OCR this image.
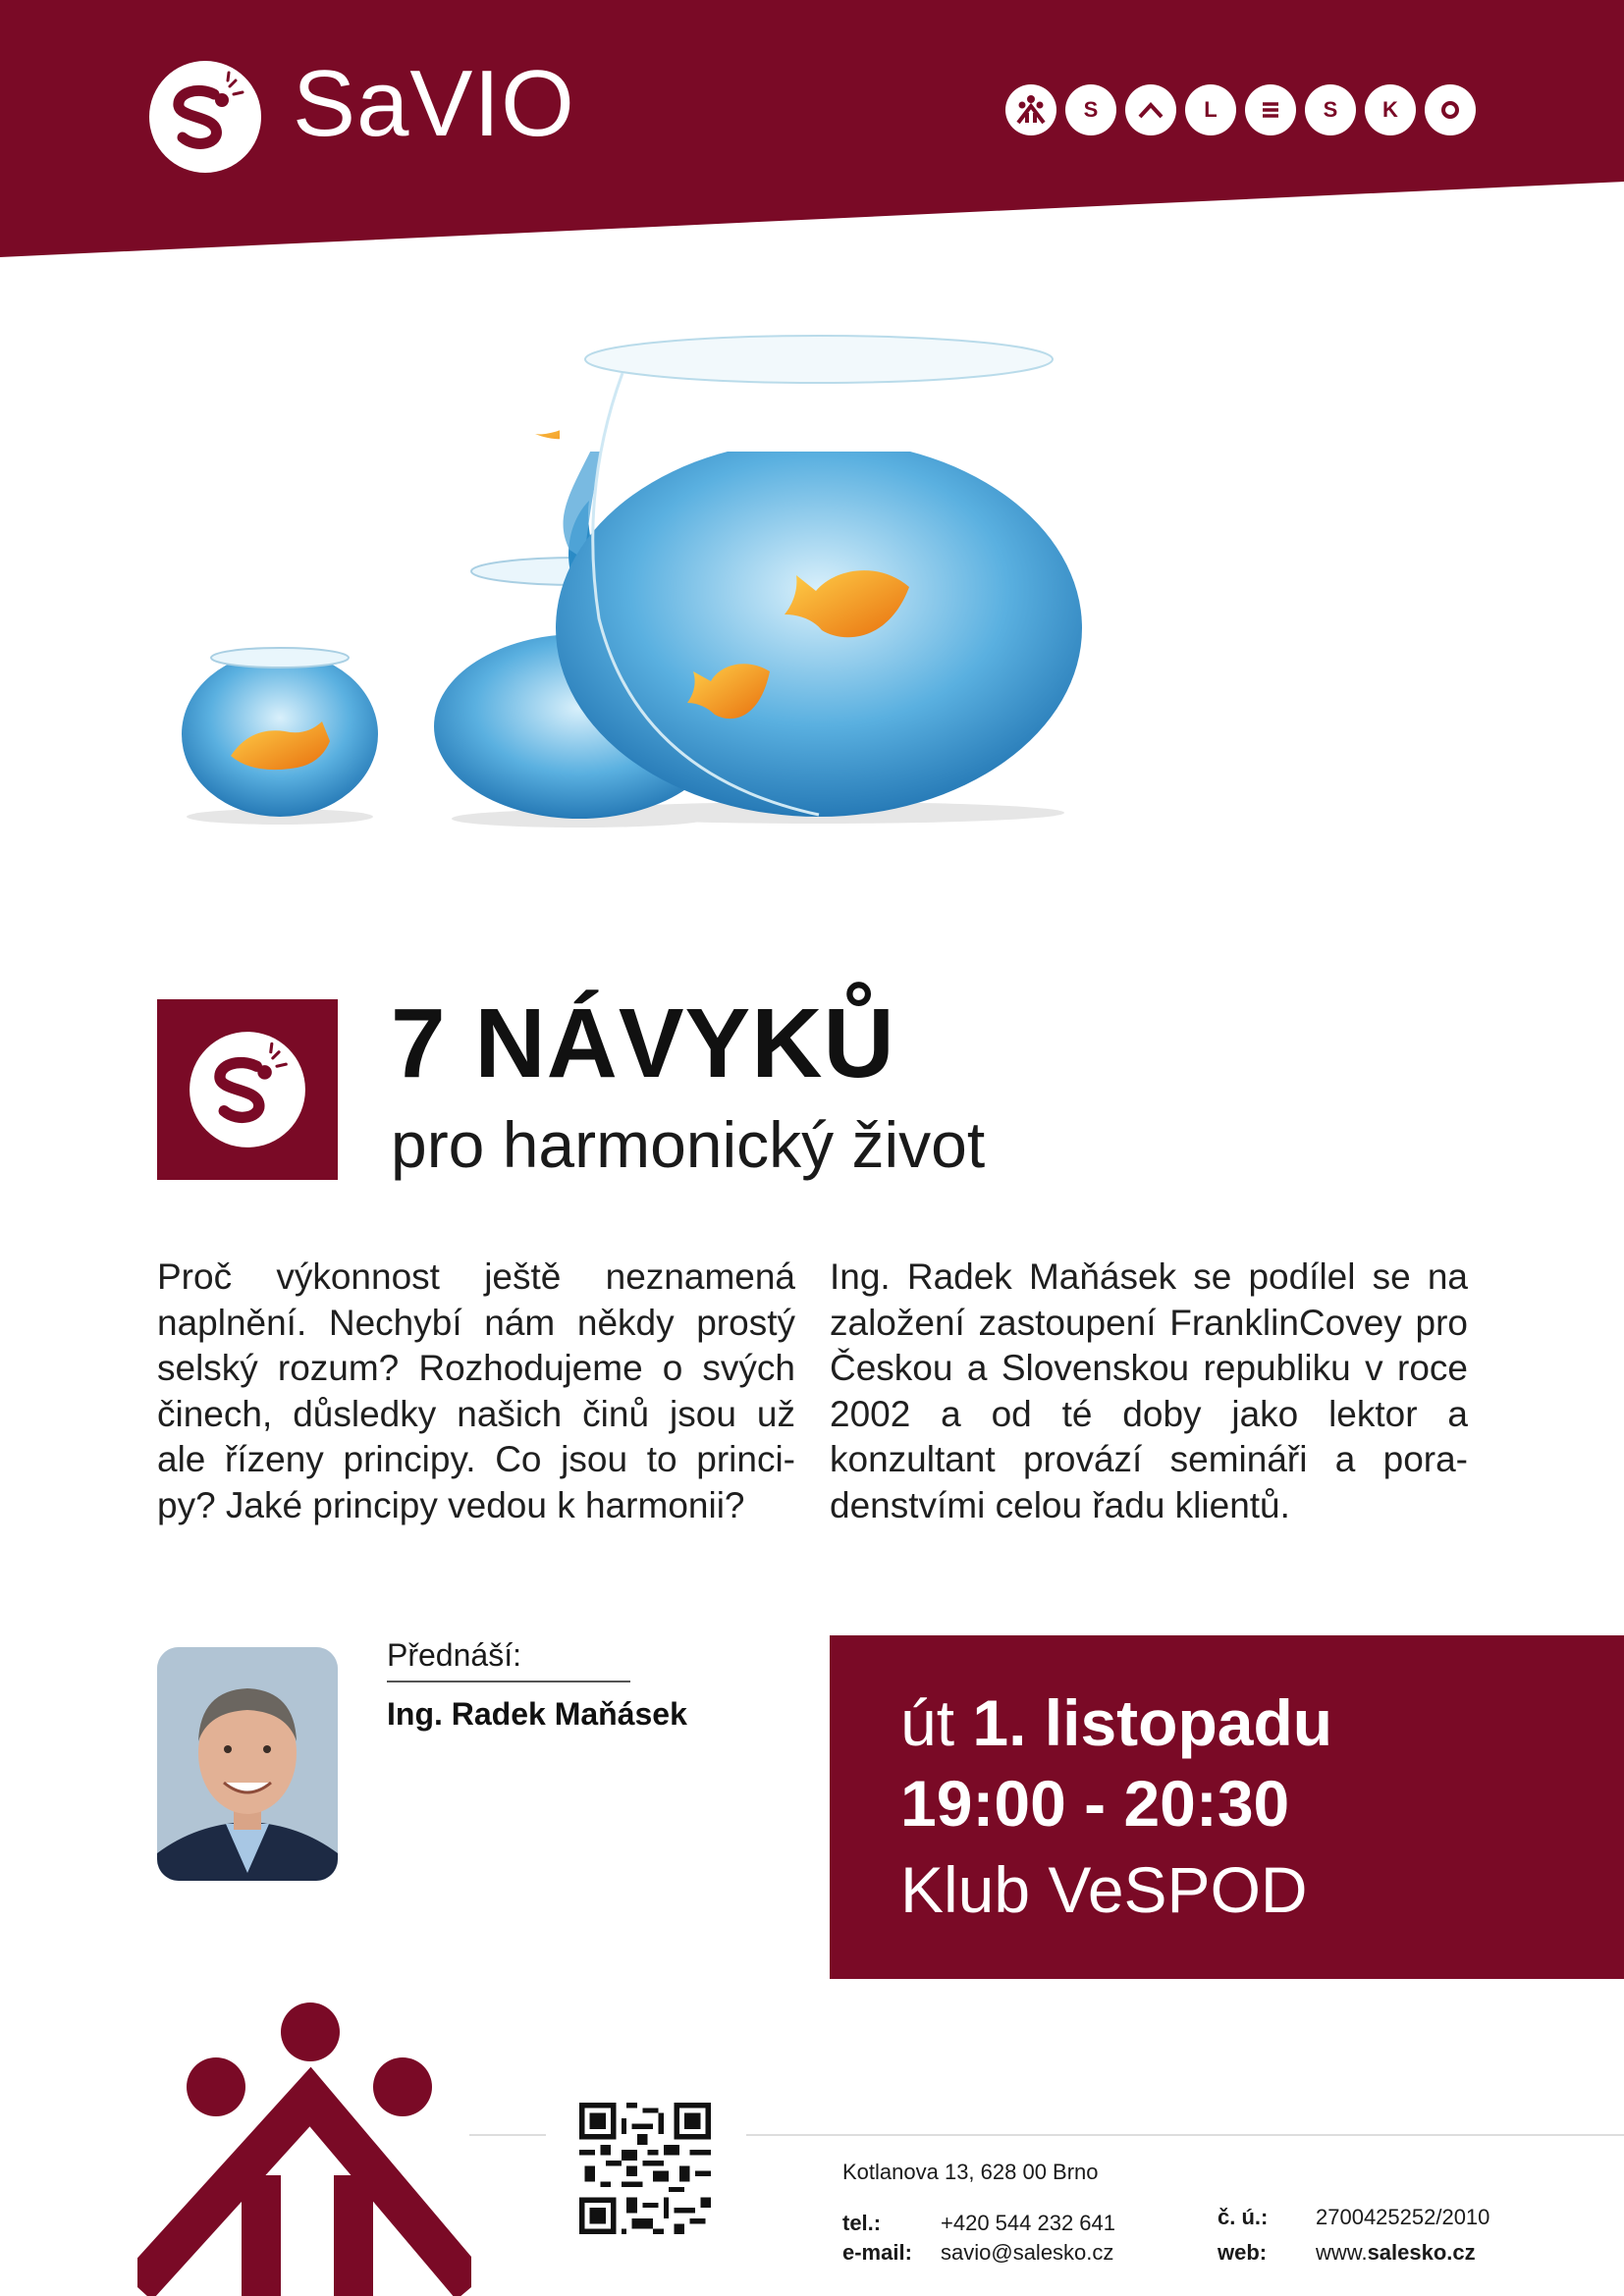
SaVIO	S	L	S	K
7 NÁVYKŮ
pro harmonický život
Proč výkonnost ještě neznamená naplnění. Nechybí nám někdy prostý selský rozum? Rozhodujeme o svých činech, důsledky našich činů jsou už ale řízeny principy. Co jsou to princi- py? Jaké principy vedou k harmonii?
Ing. Radek Maňásek se podílel se na založení zastoupení FranklinCovey pro Českou a Slovenskou republiku v roce 2002 a od té doby jako lektor a konzultant provází semináři a pora- denstvími celou řadu klientů.
Přednáší:
Ing. Radek Maňásek	út 1. listopadu
19:00 - 20:30
Klub VeSPOD
Kotlanova 13, 628 00 Brno
tel.:	+420 544 232 641
e-mail: savio@salesko.cz
č. ú.: 2700425252/2010
web: www.salesko.cz
